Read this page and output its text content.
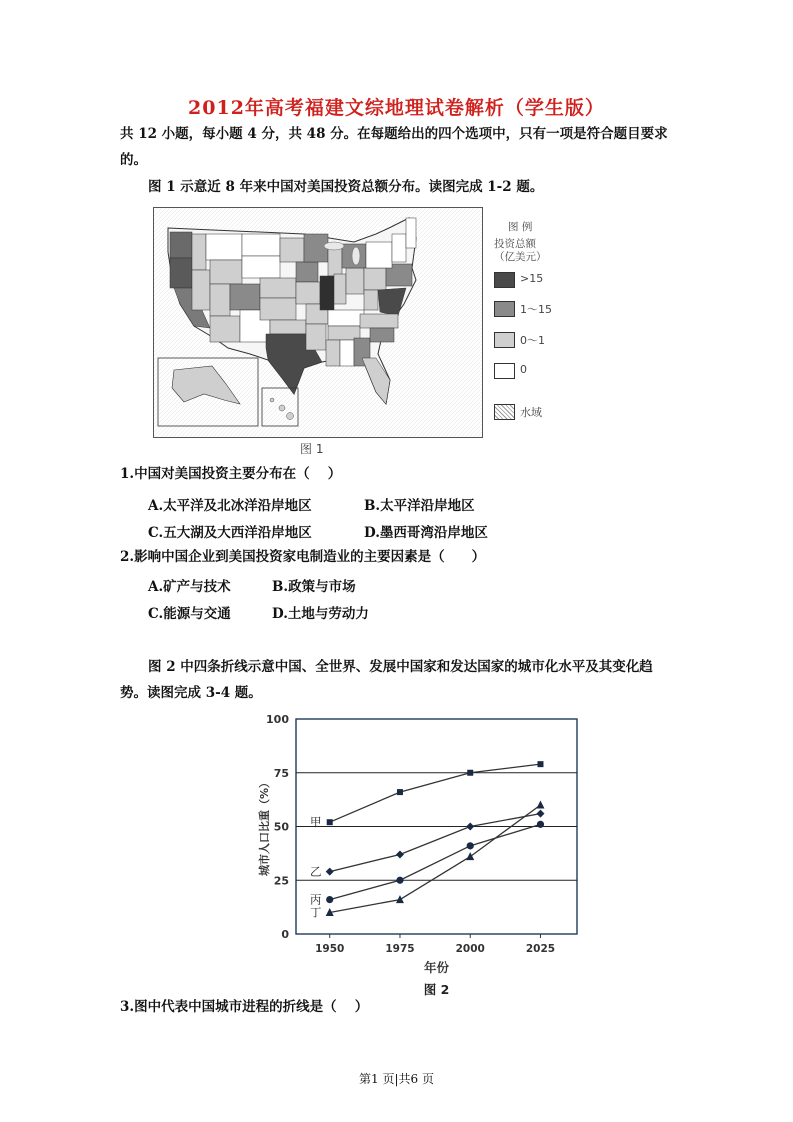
2012年高考福建文综地理试卷解析（学生版）
共 12 小题，每小题 4 分，共 48 分。在每题给出的四个选项中，只有一项是符合题目要求
的。
图 1 示意近 8 年来中国对美国投资总额分布。读图完成 1-2 题。
图 例
投资总额
（亿美元）
>15
1～15
0～1
0
水域
图 1
1.中国对美国投资主要分布在（　 ）
A.太平洋及北冰洋沿岸地区	B.太平洋沿岸地区
C.五大湖及大西洋沿岸地区	D.墨西哥湾沿岸地区
2.影响中国企业到美国投资家电制造业的主要因素是（　　）
A.矿产与技术	B.政策与市场
C.能源与交通	D.土地与劳动力
图 2 中四条折线示意中国、全世界、发展中国家和发达国家的城市化水平及其变化趋
势。读图完成 3-4 题。
0
25
50
75
100
1950	1975	2000	2025
年份
城市人口比重（%）	甲
乙
丙
丁
图 2
3.图中代表中国城市进程的折线是（　 ）
第1 页|共6 页
